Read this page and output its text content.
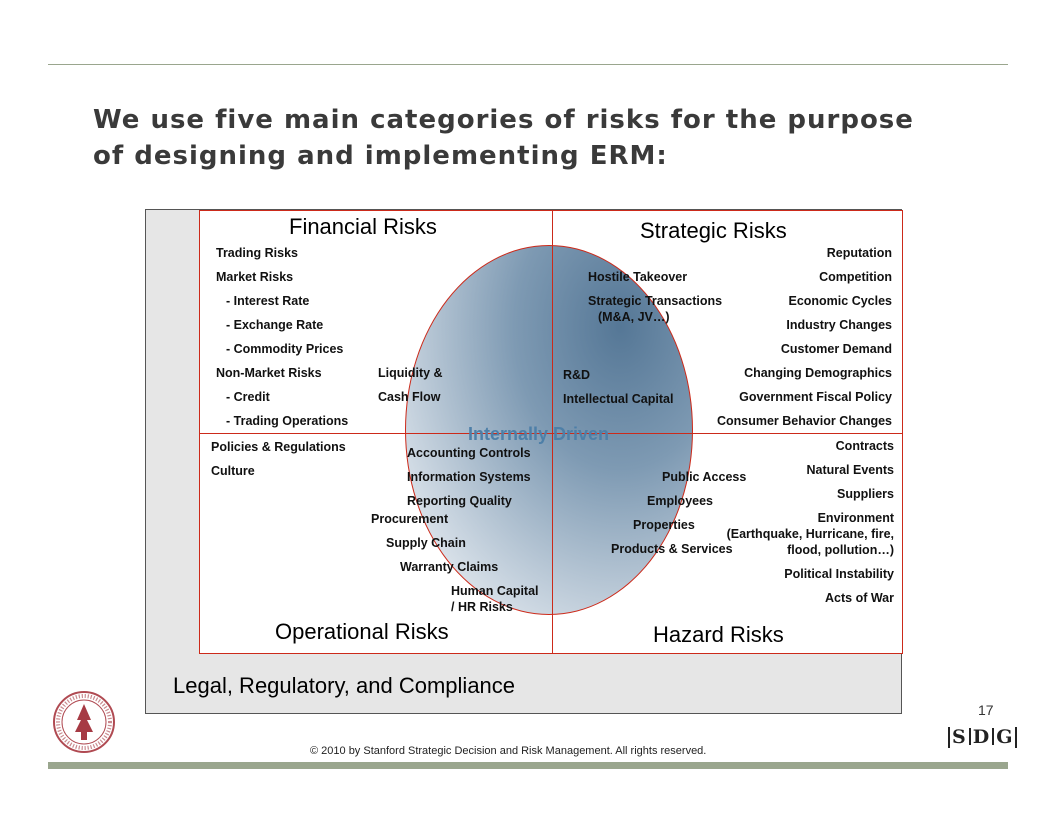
We use five main categories of risks for the purpose
of designing and implementing ERM:
Financial Risks	Strategic Risks
Operational Risks	Hazard Risks
Trading Risks
Market Risks
- Interest Rate
- Exchange Rate
- Commodity Prices
Non-Market Risks
- Credit
- Trading Operations
Liquidity &
Cash Flow
Reputation
Competition
Economic Cycles
Industry Changes
Customer Demand
Changing Demographics
Government Fiscal Policy
Consumer Behavior Changes
Hostile Takeover
Strategic Transactions
(M&A, JV…)
R&D
Intellectual Capital
Internally Driven
Policies & Regulations
Culture
Accounting Controls
Information Systems
Reporting Quality
Procurement
Supply Chain
Warranty Claims
Human Capital
/ HR Risks
Contracts
Natural Events
Suppliers
Environment
(Earthquake, Hurricane, fire,
flood, pollution…)
Political Instability
Acts of War
Public Access
Employees
Properties
Products & Services
Legal, Regulatory, and Compliance
17
S D G
© 2010 by Stanford Strategic Decision and Risk Management. All rights reserved.
